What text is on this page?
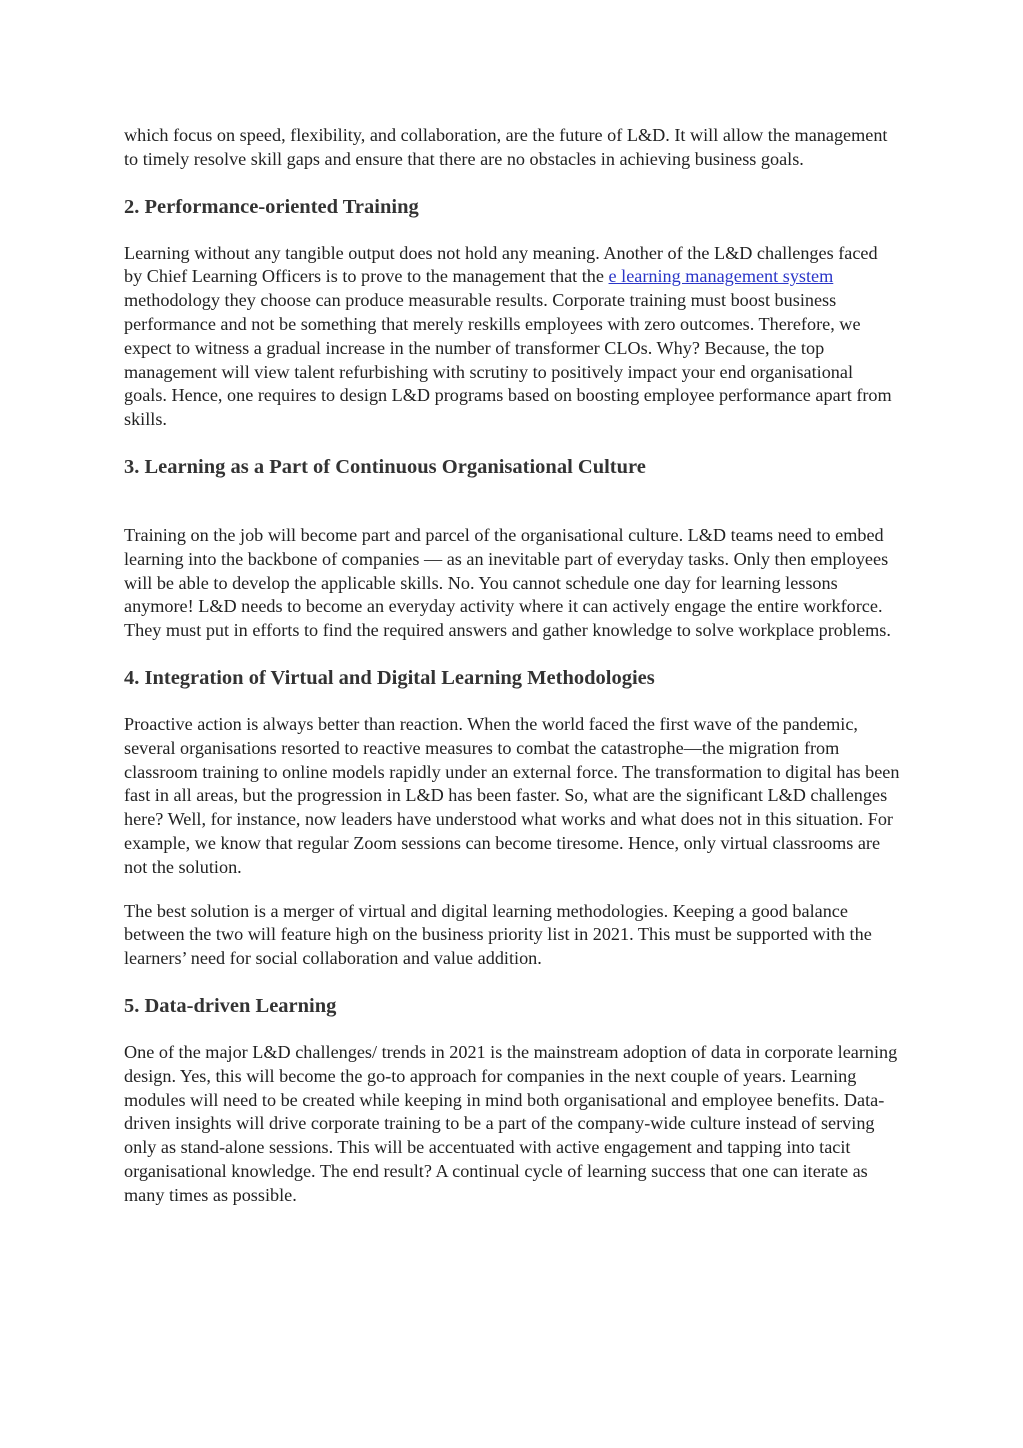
which focus on speed, flexibility, and collaboration, are the future of L&D. It will allow the management to timely resolve skill gaps and ensure that there are no obstacles in achieving business goals.

2. Performance-oriented Training

Learning without any tangible output does not hold any meaning. Another of the L&D challenges faced by Chief Learning Officers is to prove to the management that the e learning management system methodology they choose can produce measurable results. Corporate training must boost business performance and not be something that merely reskills employees with zero outcomes. Therefore, we expect to witness a gradual increase in the number of transformer CLOs. Why? Because, the top management will view talent refurbishing with scrutiny to positively impact your end organisational goals. Hence, one requires to design L&D programs based on boosting employee performance apart from skills.

3. Learning as a Part of Continuous Organisational Culture

Training on the job will become part and parcel of the organisational culture. L&D teams need to embed learning into the backbone of companies — as an inevitable part of everyday tasks. Only then employees will be able to develop the applicable skills. No. You cannot schedule one day for learning lessons anymore! L&D needs to become an everyday activity where it can actively engage the entire workforce. They must put in efforts to find the required answers and gather knowledge to solve workplace problems.

4. Integration of Virtual and Digital Learning Methodologies

Proactive action is always better than reaction. When the world faced the first wave of the pandemic, several organisations resorted to reactive measures to combat the catastrophe—the migration from classroom training to online models rapidly under an external force. The transformation to digital has been fast in all areas, but the progression in L&D has been faster. So, what are the significant L&D challenges here? Well, for instance, now leaders have understood what works and what does not in this situation. For example, we know that regular Zoom sessions can become tiresome. Hence, only virtual classrooms are not the solution.

The best solution is a merger of virtual and digital learning methodologies. Keeping a good balance between the two will feature high on the business priority list in 2021. This must be supported with the learners’ need for social collaboration and value addition.

5. Data-driven Learning

One of the major L&D challenges/ trends in 2021 is the mainstream adoption of data in corporate learning design. Yes, this will become the go-to approach for companies in the next couple of years. Learning modules will need to be created while keeping in mind both organisational and employee benefits. Data-driven insights will drive corporate training to be a part of the company-wide culture instead of serving only as stand-alone sessions. This will be accentuated with active engagement and tapping into tacit organisational knowledge. The end result? A continual cycle of learning success that one can iterate as many times as possible.
